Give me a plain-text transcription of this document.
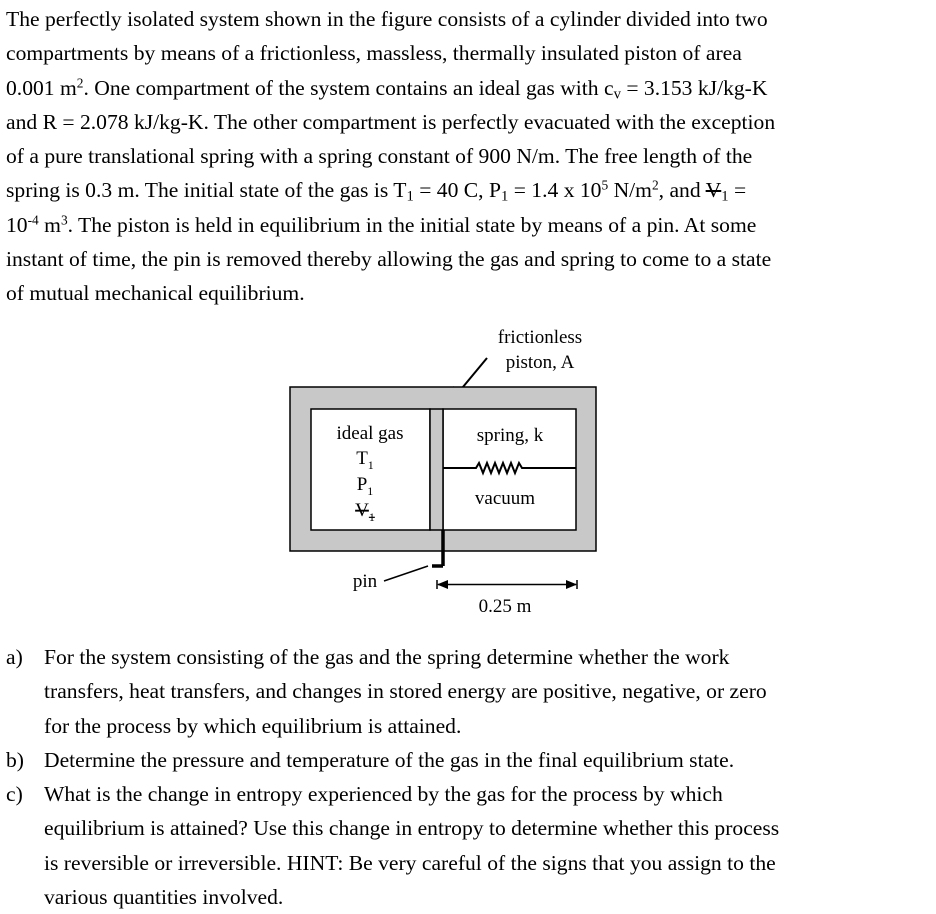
The perfectly isolated system shown in the figure consists of a cylinder divided into two
compartments by means of a frictionless, massless, thermally insulated piston of area
0.001 $m^2$. One compartment of the system contains an ideal gas with $c_v = 3.153$ kJ/kg-K
and R = 2.078 kJ/kg-K. The other compartment is perfectly evacuated with the exception
of a pure translational spring with a spring constant of 900 N/m. The free length of the
spring is 0.3 m. The initial state of the gas is $T_1 = 40$ C, $P_1 = 1.4$ x $10^5$ $N/m^2$, and $V_1$ =
$10^{-4}$ $m^3$. The piston is held in equilibrium in the initial state by means of a pin. At some
instant of time, the pin is removed thereby allowing the gas and spring to come to a state
of mutual mechanical equilibrium.

frictionless
piston, A
ideal gas
$T_1$
$P_1$
$V_1$
spring, k
vacuum
pin
0.25 m
a) For the system consisting of the gas and the spring determine whether the work
transfers, heat transfers, and changes in stored energy are positive, negative, or zero
for the process by which equilibrium is attained.
b) Determine the pressure and temperature of the gas in the final equilibrium state.
c) What is the change in entropy experienced by the gas for the process by which
equilibrium is attained? Use this change in entropy to determine whether this process
is reversible or irreversible. HINT: Be very careful of the signs that you assign to the
various quantities involved.
